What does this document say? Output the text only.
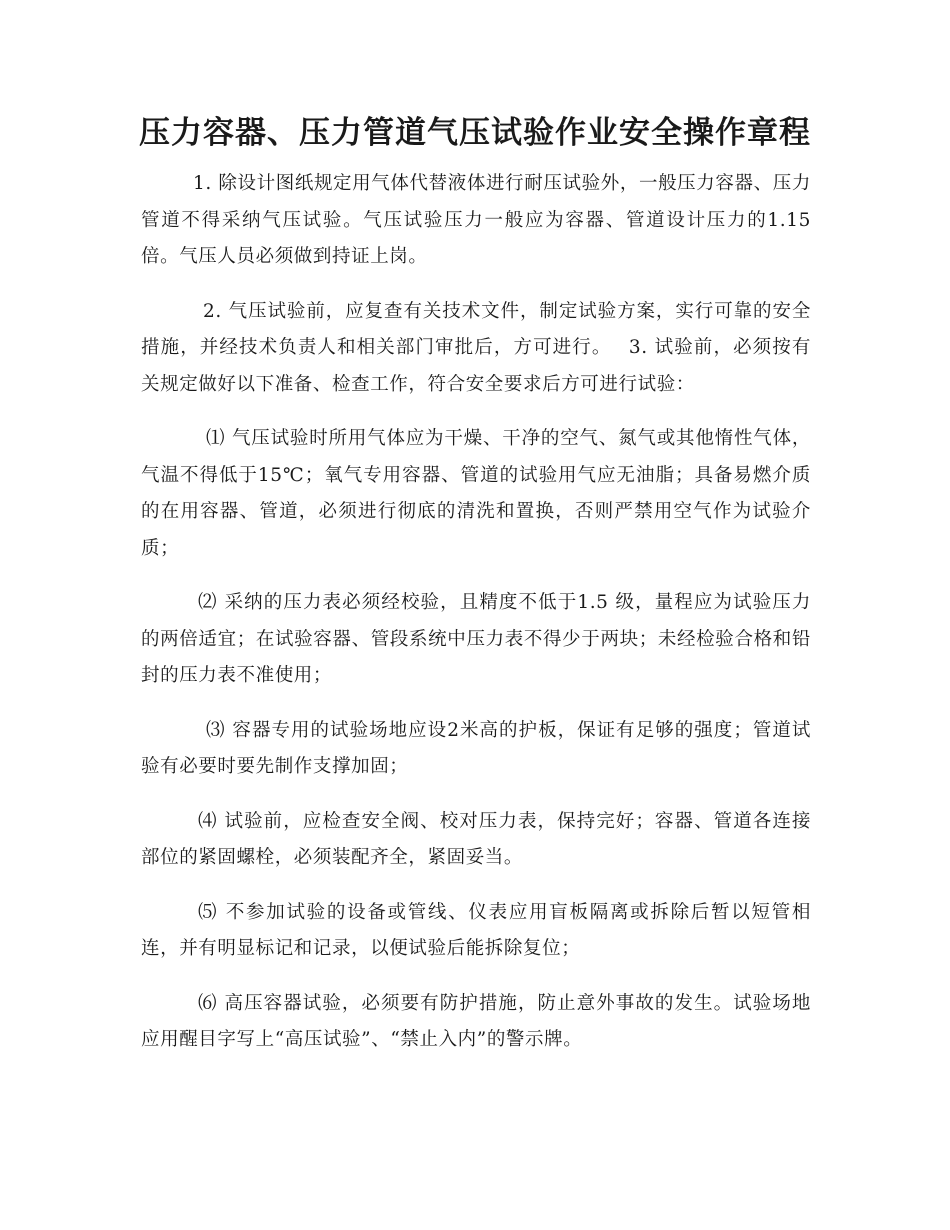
压力容器、压力管道气压试验作业安全操作章程

1. 除设计图纸规定用气体代替液体进行耐压试验外，一般压力容器、压力管道不得采纳气压试验。气压试验压力一般应为容器、管道设计压力的1.15倍。气压人员必须做到持证上岗。

2. 气压试验前，应复查有关技术文件，制定试验方案，实行可靠的安全措施，并经技术负责人和相关部门审批后，方可进行。　 3. 试验前，必须按有关规定做好以下准备、检查工作，符合安全要求后方可进行试验：

⑴ 气压试验时所用气体应为干燥、干净的空气、氮气或其他惰性气体，气温不得低于15℃；氧气专用容器、管道的试验用气应无油脂；具备易燃介质的在用容器、管道，必须进行彻底的清洗和置换，否则严禁用空气作为试验介质；

⑵ 采纳的压力表必须经校验，且精度不低于1.5 级，量程应为试验压力的两倍适宜；在试验容器、管段系统中压力表不得少于两块；未经检验合格和铅封的压力表不准使用；

⑶ 容器专用的试验场地应设2米高的护板，保证有足够的强度；管道试验有必要时要先制作支撑加固；

⑷ 试验前，应检查安全阀、校对压力表，保持完好；容器、管道各连接部位的紧固螺栓，必须装配齐全，紧固妥当。

⑸ 不参加试验的设备或管线、仪表应用盲板隔离或拆除后暂以短管相连，并有明显标记和记录，以便试验后能拆除复位；

⑹ 高压容器试验，必须要有防护措施，防止意外事故的发生。试验场地应用醒目字写上“高压试验”、“禁止入内”的警示牌。
